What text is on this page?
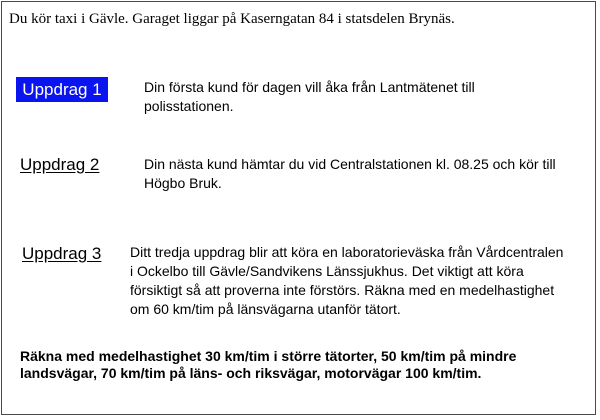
Du kör taxi i Gävle. Garaget liggar på Kaserngatan 84 i statsdelen Brynäs.
Uppdrag 1	Din första kund för dagen vill åka från Lantmätenet till polisstationen.
Uppdrag 2	Din nästa kund hämtar du vid Centralstationen kl. 08.25 och kör till Högbo Bruk.
Uppdrag 3 Ditt tredja uppdrag blir att köra en laboratorieväska från Vårdcentralen i Ockelbo till Gävle/Sandvikens Länssjukhus. Det viktigt att köra försiktigt så att proverna inte förstörs. Räkna med en medelhastighet om 60 km/tim på länsvägarna utanför tätort.
Räkna med medelhastighet 30 km/tim i större tätorter, 50 km/tim på mindre landsvägar, 70 km/tim på läns- och riksvägar, motorvägar 100 km/tim.
